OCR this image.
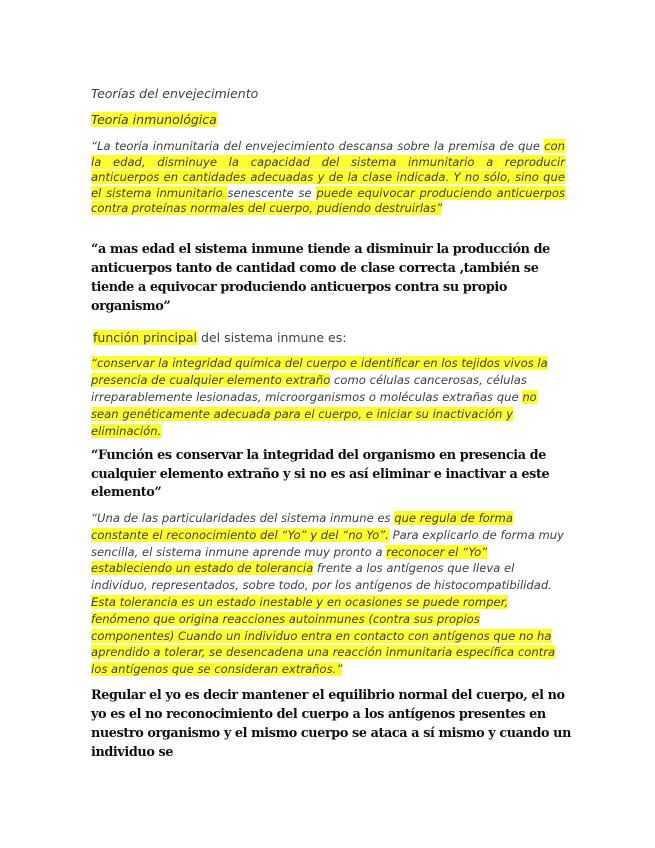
Teorías del envejecimiento
Teoría inmunológica
“La teoría inmunitaria del envejecimiento descansa sobre la premisa de que con la edad, disminuye la capacidad del sistema inmunitario a reproducir anticuerpos en cantidades adecuadas y de la clase indicada. Y no sólo, sino que el sistema inmunitario senescente se puede equivocar produciendo anticuerpos contra proteínas normales del cuerpo, pudiendo destruirlas”
“a mas edad el sistema inmune tiende a disminuir la producción de anticuerpos tanto de cantidad como de clase correcta ,también se tiende a equivocar produciendo anticuerpos contra su propio organismo”
función principal del sistema inmune es:
“conservar la integridad química del cuerpo e identificar en los tejidos vivos la presencia de cualquier elemento extraño como células cancerosas, células irreparablemente lesionadas, microorganismos o moléculas extrañas que no sean genéticamente adecuada para el cuerpo, e iniciar su inactivación y eliminación.
“Función es conservar la integridad del organismo en presencia de cualquier elemento extraño y si no es así eliminar e inactivar a este elemento”
“Una de las particularidades del sistema inmune es que regula de forma constante el reconocimiento del “Yo” y del “no Yo”. Para explicarlo de forma muy sencilla, el sistema inmune aprende muy pronto a reconocer el “Yo” estableciendo un estado de tolerancia frente a los antígenos que lleva el individuo, representados, sobre todo, por los antígenos de histocompatibilidad. Esta tolerancia es un estado inestable y en ocasiones se puede romper, fenómeno que origina reacciones autoinmunes (contra sus propios componentes) Cuando un individuo entra en contacto con antígenos que no ha aprendido a tolerar, se desencadena una reacción inmunitaria específica contra los antígenos que se consideran extraños.”
Regular el yo es decir mantener el equilibrio normal del cuerpo, el no yo es el no reconocimiento del cuerpo a los antígenos presentes en nuestro organismo y el mismo cuerpo se ataca a sí mismo y cuando un individuo se
